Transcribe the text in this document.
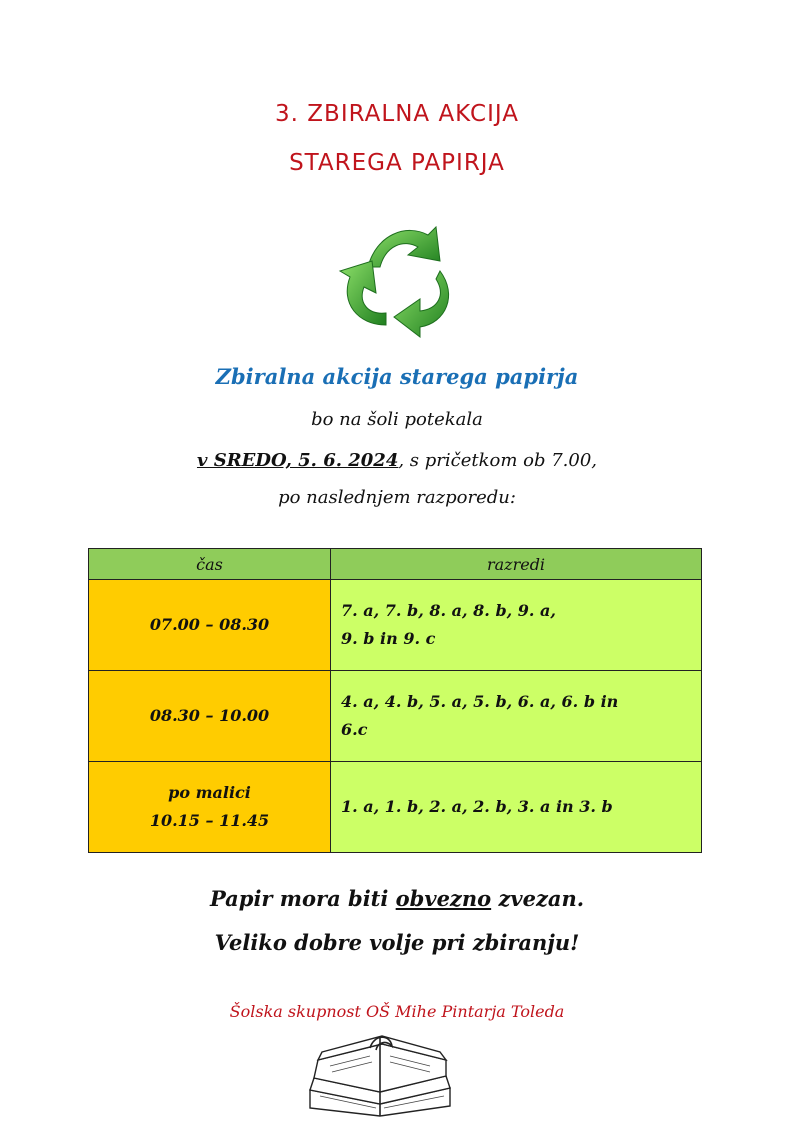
3. ZBIRALNA AKCIJA
STAREGA PAPIRJA
Zbiralna akcija starega papirja
bo na šoli potekala
v SREDO, 5. 6. 2024, s pričetkom ob 7.00,
po naslednjem razporedu:
čas	razredi

07.00 – 08.30	7. a, 7. b, 8. a, 8. b, 9. a,
9. b in 9. c

08.30 – 10.00	4. a, 4. b, 5. a, 5. b, 6. a, 6. b in
6.c

po malici
10.15 – 11.45	1. a, 1. b, 2. a, 2. b, 3. a in 3. b
Papir mora biti obvezno zvezan.
Veliko dobre volje pri zbiranju!
Šolska skupnost OŠ Mihe Pintarja Toleda
